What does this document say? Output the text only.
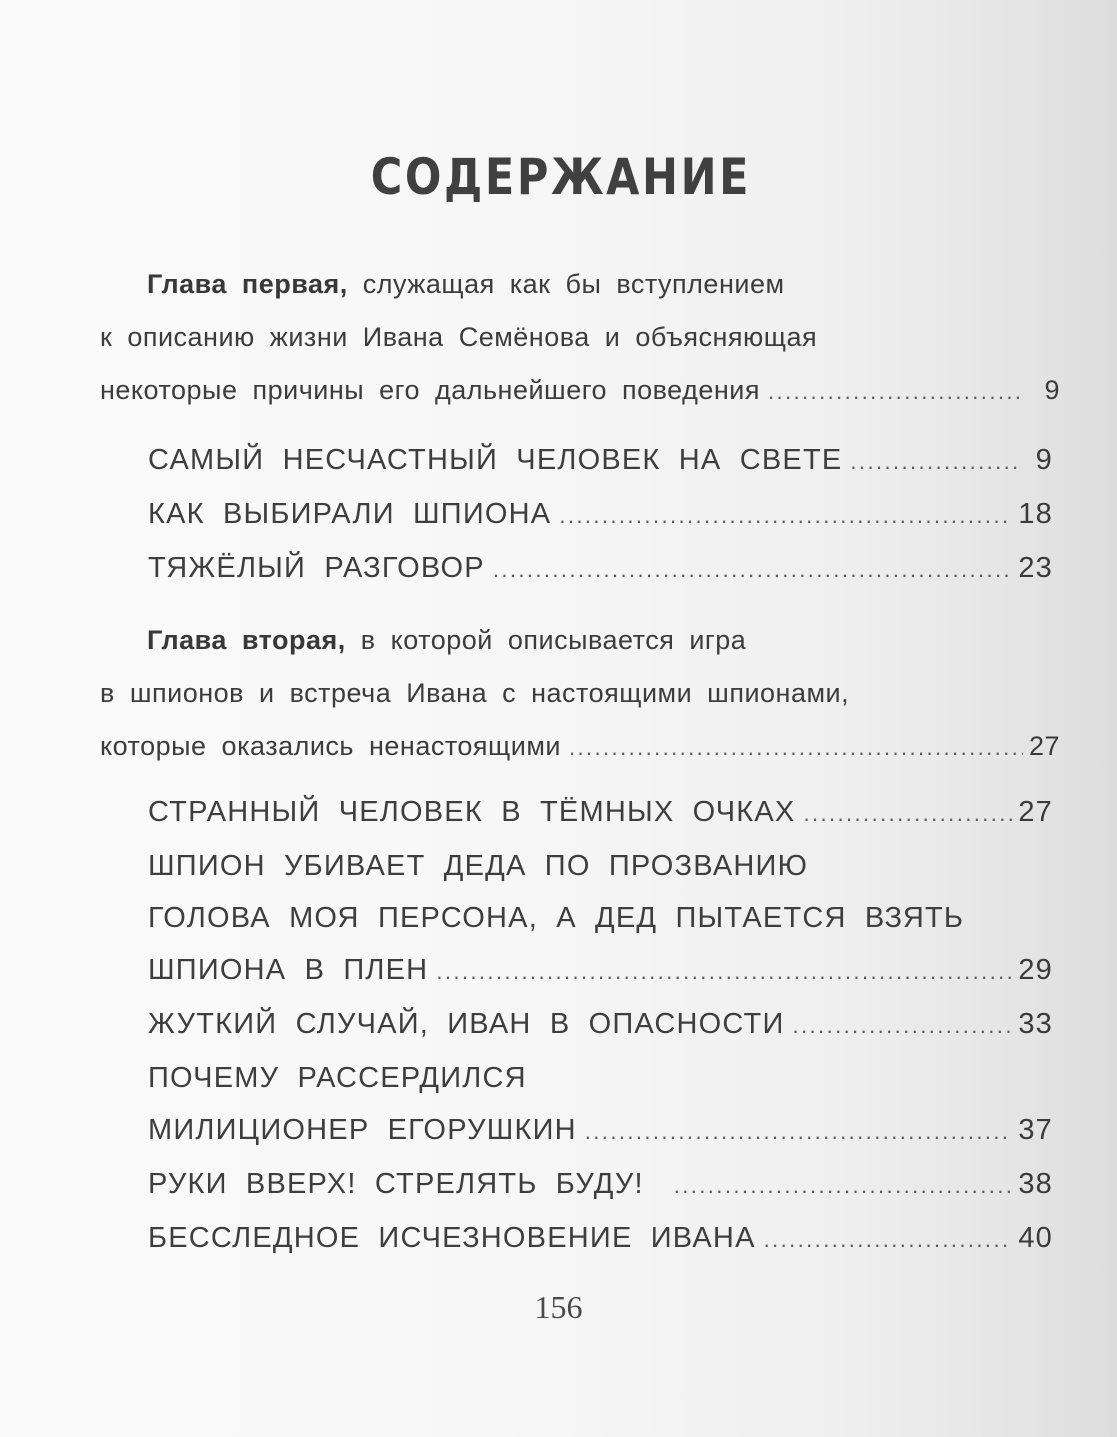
СОДЕРЖАНИЕ
Глава первая, служащая как бы вступлением
к описанию жизни Ивана Семёнова и объясняющая
некоторые причины его дальнейшего поведения .....	9
САМЫЙ НЕСЧАСТНЫЙ ЧЕЛОВЕК НА СВЕТЕ .....	9
КАК ВЫБИРАЛИ ШПИОНА .....	18
ТЯЖЁЛЫЙ РАЗГОВОР .....	23
Глава вторая, в которой описывается игра
в шпионов и встреча Ивана с настоящими шпионами,
которые оказались ненастоящими .....	27
СТРАННЫЙ ЧЕЛОВЕК В ТЁМНЫХ ОЧКАХ .....	27
ШПИОН УБИВАЕТ ДЕДА ПО ПРОЗВАНИЮ
ГОЛОВА МОЯ ПЕРСОНА, А ДЕД ПЫТАЕТСЯ ВЗЯТЬ
ШПИОНА В ПЛЕН .....	29
ЖУТКИЙ СЛУЧАЙ, ИВАН В ОПАСНОСТИ .....	33
ПОЧЕМУ РАССЕРДИЛСЯ
МИЛИЦИОНЕР ЕГОРУШКИН .....	37
РУКИ ВВЕРХ! СТРЕЛЯТЬ БУДУ! .....	38
БЕССЛЕДНОЕ ИСЧЕЗНОВЕНИЕ ИВАНА .....	40
156
